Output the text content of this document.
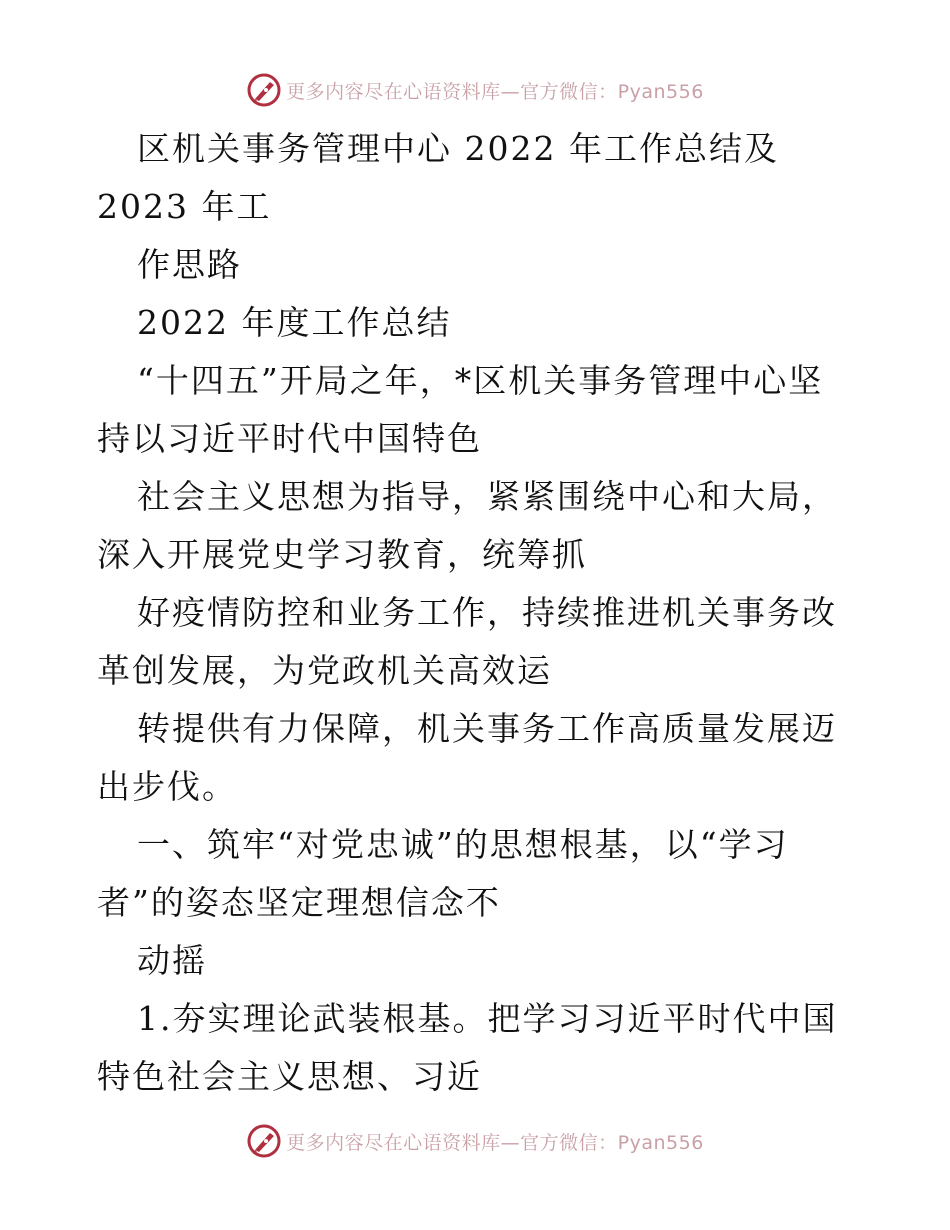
更多内容尽在心语资料库—官方微信：Pyan556

区机关事务管理中心 2022 年工作总结及 2023 年工

作思路

2022 年度工作总结

“十四五”开局之年，*区机关事务管理中心坚持以习近平时代中国特色

社会主义思想为指导，紧紧围绕中心和大局，深入开展党史学习教育，统筹抓

好疫情防控和业务工作，持续推进机关事务改革创发展，为党政机关高效运

转提供有力保障，机关事务工作高质量发展迈出步伐。

一、筑牢“对党忠诚”的思想根基，以“学习者”的姿态坚定理想信念不

动摇

1.夯实理论武装根基。把学习习近平时代中国特色社会主义思想、习近

更多内容尽在心语资料库—官方微信：Pyan556
